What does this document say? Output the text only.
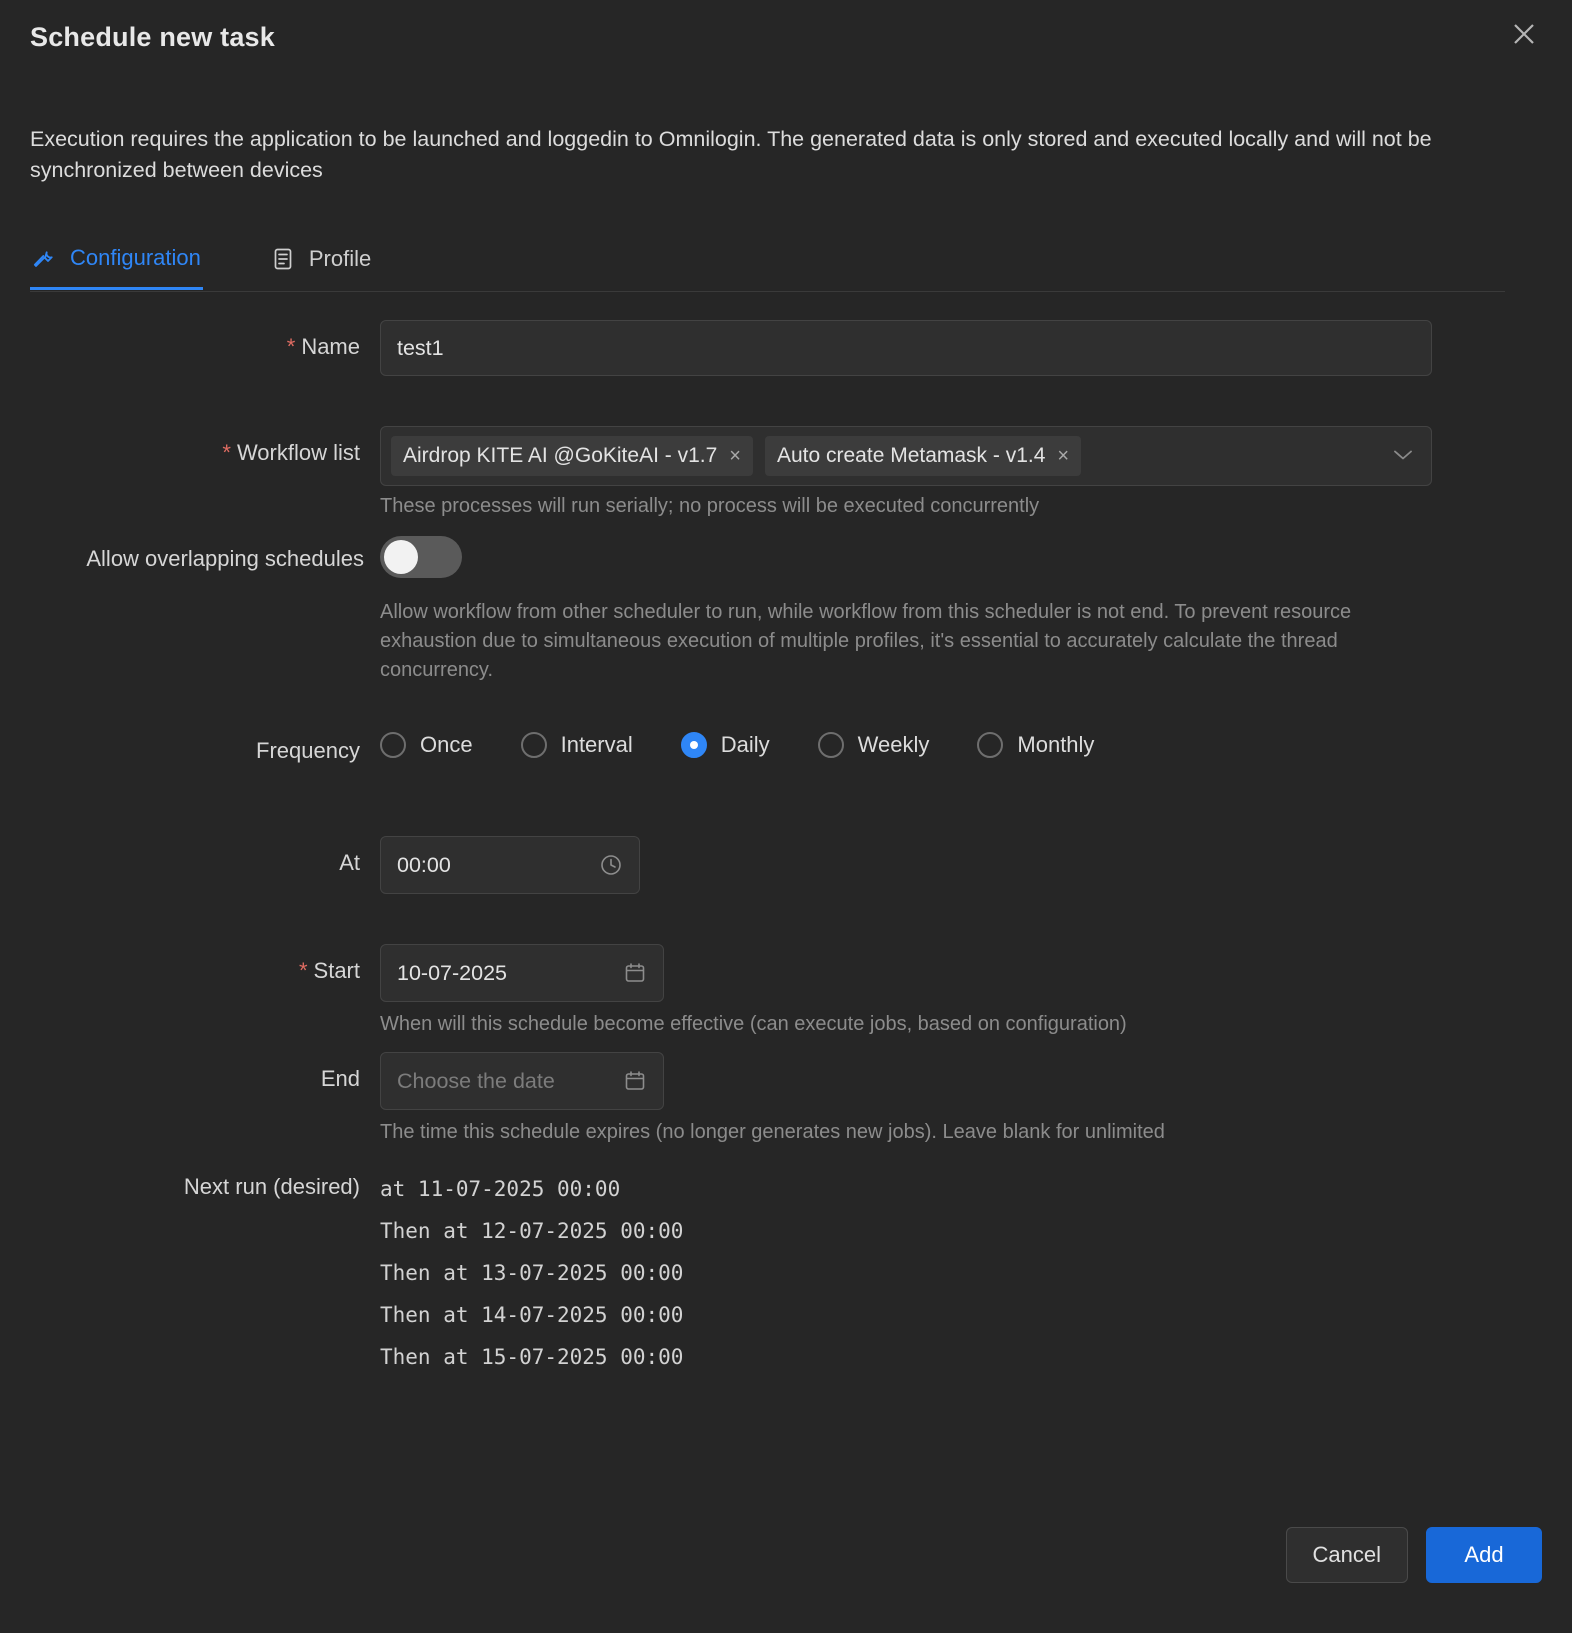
Schedule new task
Execution requires the application to be launched and loggedin to Omnilogin. The generated data is only stored and executed locally and will not be synchronized between devices
Configuration	Profile
* Name	test1
* Workflow list Airdrop KITE AI @GoKiteAI - v1.7 × Auto create Metamask - v1.4 ×
These processes will run serially; no process will be executed concurrently
Allow overlapping schedules
Allow workflow from other scheduler to run, while workflow from this scheduler is not end. To prevent resource exhaustion due to simultaneous execution of multiple profiles, it's essential to accurately calculate the thread concurrency.
Frequency	Once	Interval	Daily	Weekly	Monthly
At 00:00
* Start 10-07-2025
When will this schedule become effective (can execute jobs, based on configuration)
End Choose the date
The time this schedule expires (no longer generates new jobs). Leave blank for unlimited
Next run (desired) at 11-07-2025 00:00
Then at 12-07-2025 00:00
Then at 13-07-2025 00:00
Then at 14-07-2025 00:00
Then at 15-07-2025 00:00
Cancel	Add
